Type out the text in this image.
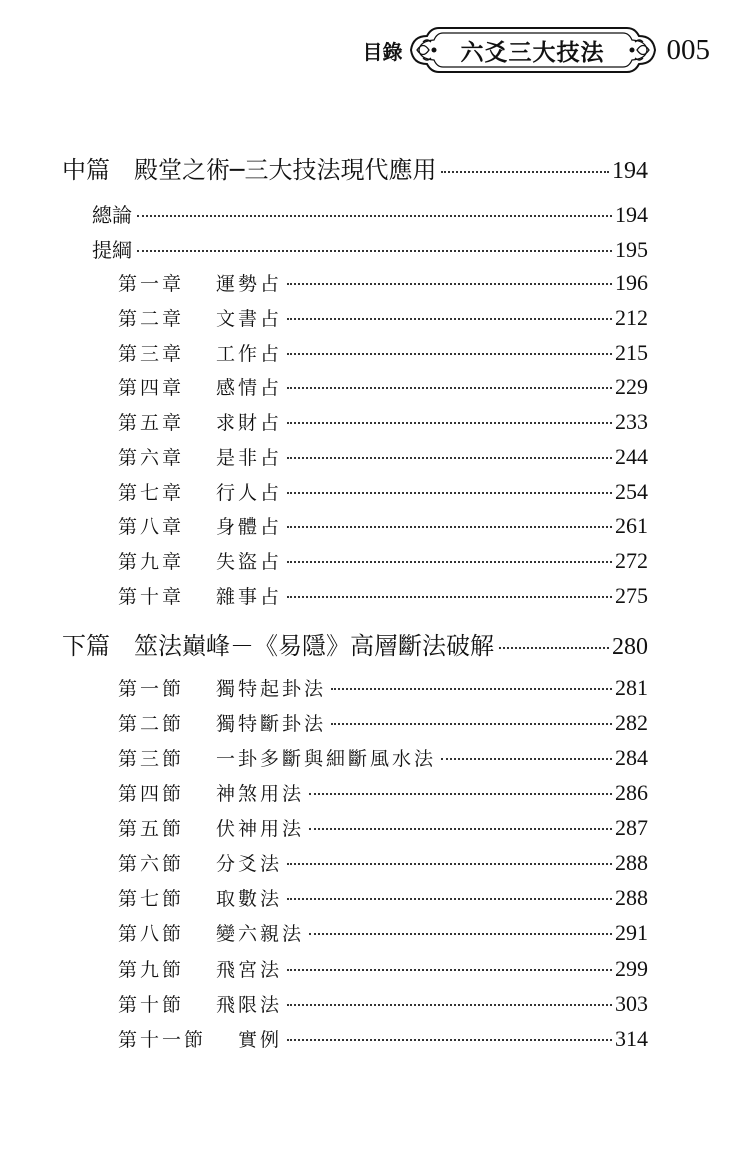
目錄	六爻三大技法 005
中篇 殿堂之術─三大技法現代應用	194
總論	194
提綱	195
第一章 運勢占	196
第二章 文書占	212
第三章 工作占	215
第四章 感情占	229
第五章 求財占	233
第六章 是非占	244
第七章 行人占	254
第八章 身體占	261
第九章 失盜占	272
第十章 雜事占	275
下篇 筮法巔峰－《易隱》高層斷法破解	280
第一節 獨特起卦法	281
第二節 獨特斷卦法	282
第三節 一卦多斷與細斷風水法	284
第四節 神煞用法	286
第五節 伏神用法	287
第六節 分爻法	288
第七節 取數法	288
第八節 變六親法	291
第九節 飛宮法	299
第十節 飛限法	303
第十一節 實例	314
